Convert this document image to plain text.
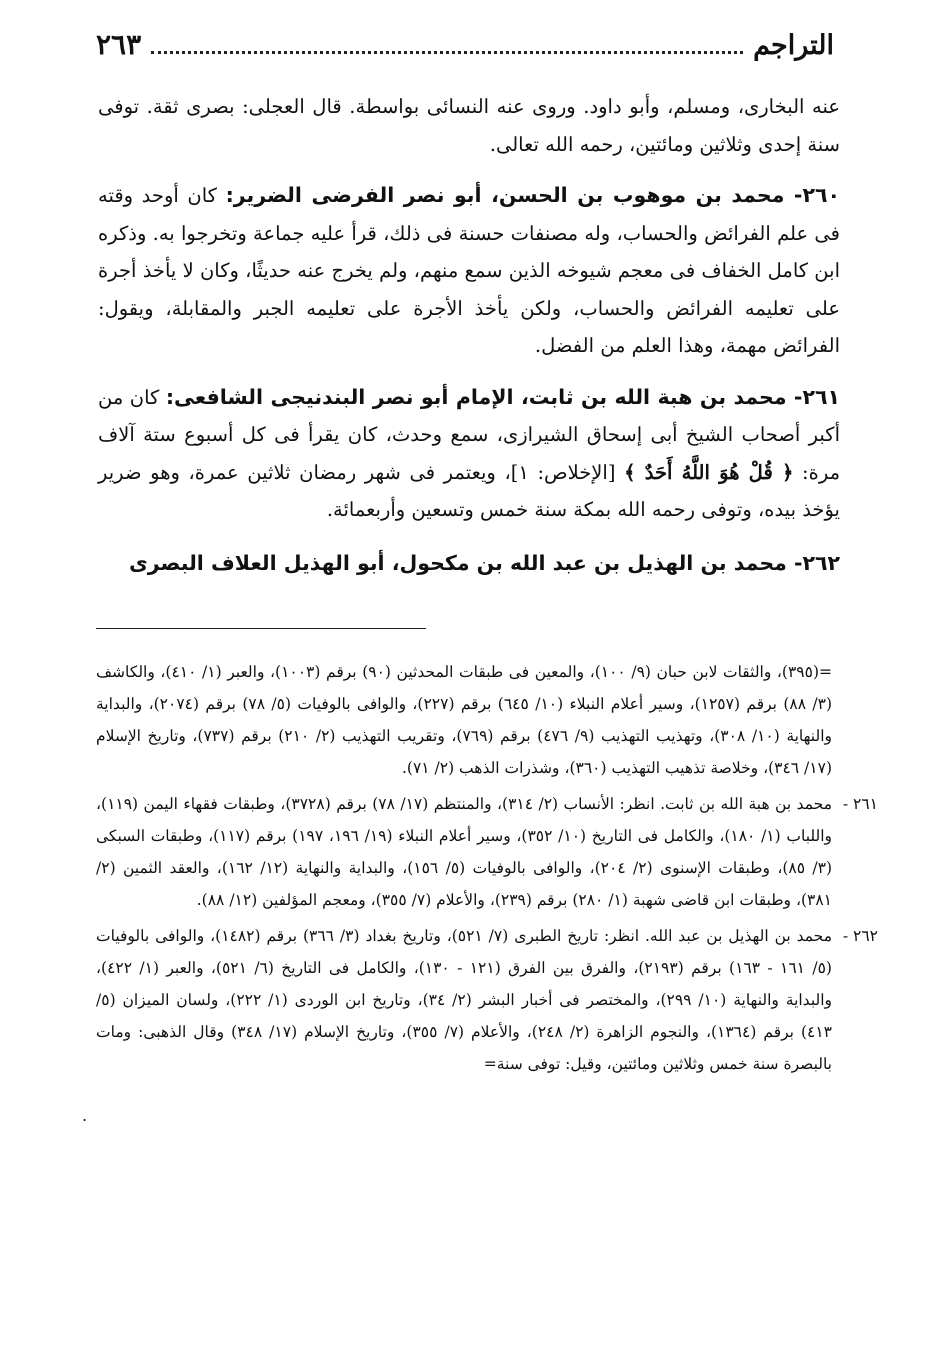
التراجم
٢٦٣

عنه البخارى، ومسلم، وأبو داود. وروى عنه النسائى بواسطة. قال العجلى: بصرى ثقة. توفى سنة إحدى وثلاثين ومائتين، رحمه الله تعالى.

٢٦٠- محمد بن موهوب بن الحسن، أبو نصر الفرضى الضرير: كان أوحد وقته فى علم الفرائض والحساب، وله مصنفات حسنة فى ذلك، قرأ عليه جماعة وتخرجوا به. وذكره ابن كامل الخفاف فى معجم شيوخه الذين سمع منهم، ولم يخرج عنه حديثًا، وكان لا يأخذ أجرة على تعليمه الفرائض والحساب، ولكن يأخذ الأجرة على تعليمه الجبر والمقابلة، ويقول: الفرائض مهمة، وهذا العلم من الفضل.

٢٦١- محمد بن هبة الله بن ثابت، الإمام أبو نصر البندنيجى الشافعى: كان من أكبر أصحاب الشيخ أبى إسحاق الشيرازى، سمع وحدث، كان يقرأ فى كل أسبوع ستة آلاف مرة: ﴿ قُلْ هُوَ اللَّهُ أَحَدٌ ﴾ [الإخلاص: ١]، ويعتمر فى شهر رمضان ثلاثين عمرة، وهو ضرير يؤخذ بيده، وتوفى رحمه الله بمكة سنة خمس وتسعين وأربعمائة.

٢٦٢- محمد بن الهذيل بن عبد الله بن مكحول، أبو الهذيل العلاف البصرى

=(٣٩٥)، والثقات لابن حبان (٩/ ١٠٠)، والمعين فى طبقات المحدثين (٩٠) برقم (١٠٠٣)، والعبر (١/ ٤١٠)، والكاشف (٣/ ٨٨) برقم (١٢٥٧)، وسير أعلام النبلاء (١٠/ ٦٤٥) برقم (٢٢٧)، والوافى بالوفيات (٥/ ٧٨) برقم (٢٠٧٤)، والبداية والنهاية (١٠/ ٣٠٨)، وتهذيب التهذيب (٩/ ٤٧٦) برقم (٧٦٩)، وتقريب التهذيب (٢/ ٢١٠) برقم (٧٣٧)، وتاريخ الإسلام (١٧/ ٣٤٦)، وخلاصة تذهيب التهذيب (٣٦٠)، وشذرات الذهب (٢/ ٧١).

٢٦١ -

محمد بن هبة الله بن ثابت. انظر: الأنساب (٢/ ٣١٤)، والمنتظم (١٧/ ٧٨) برقم (٣٧٢٨)، وطبقات فقهاء اليمن (١١٩)، واللباب (١/ ١٨٠)، والكامل فى التاريخ (١٠/ ٣٥٢)، وسير أعلام النبلاء (١٩/ ١٩٦، ١٩٧) برقم (١١٧)، وطبقات السبكى (٣/ ٨٥)، وطبقات الإسنوى (٢/ ٢٠٤)، والوافى بالوفيات (٥/ ١٥٦)، والبداية والنهاية (١٢/ ١٦٢)، والعقد الثمين (٢/ ٣٨١)، وطبقات ابن قاضى شهبة (١/ ٢٨٠) برقم (٢٣٩)، والأعلام (٧/ ٣٥٥)، ومعجم المؤلفين (١٢/ ٨٨).

٢٦٢ -

محمد بن الهذيل بن عبد الله. انظر: تاريخ الطبرى (٧/ ٥٢١)، وتاريخ بغداد (٣/ ٣٦٦) برقم (١٤٨٢)، والوافى بالوفيات (٥/ ١٦١ - ١٦٣) برقم (٢١٩٣)، والفرق بين الفرق (١٢١ - ١٣٠)، والكامل فى التاريخ (٦/ ٥٢١)، والعبر (١/ ٤٢٢)، والبداية والنهاية (١٠/ ٢٩٩)، والمختصر فى أخبار البشر (٢/ ٣٤)، وتاريخ ابن الوردى (١/ ٢٢٢)، ولسان الميزان (٥/ ٤١٣) برقم (١٣٦٤)، والنجوم الزاهرة (٢/ ٢٤٨)، والأعلام (٧/ ٣٥٥)، وتاريخ الإسلام (١٧/ ٣٤٨) وقال الذهبى: ومات بالبصرة سنة خمس وثلاثين ومائتين، وقيل: توفى سنة=

.
